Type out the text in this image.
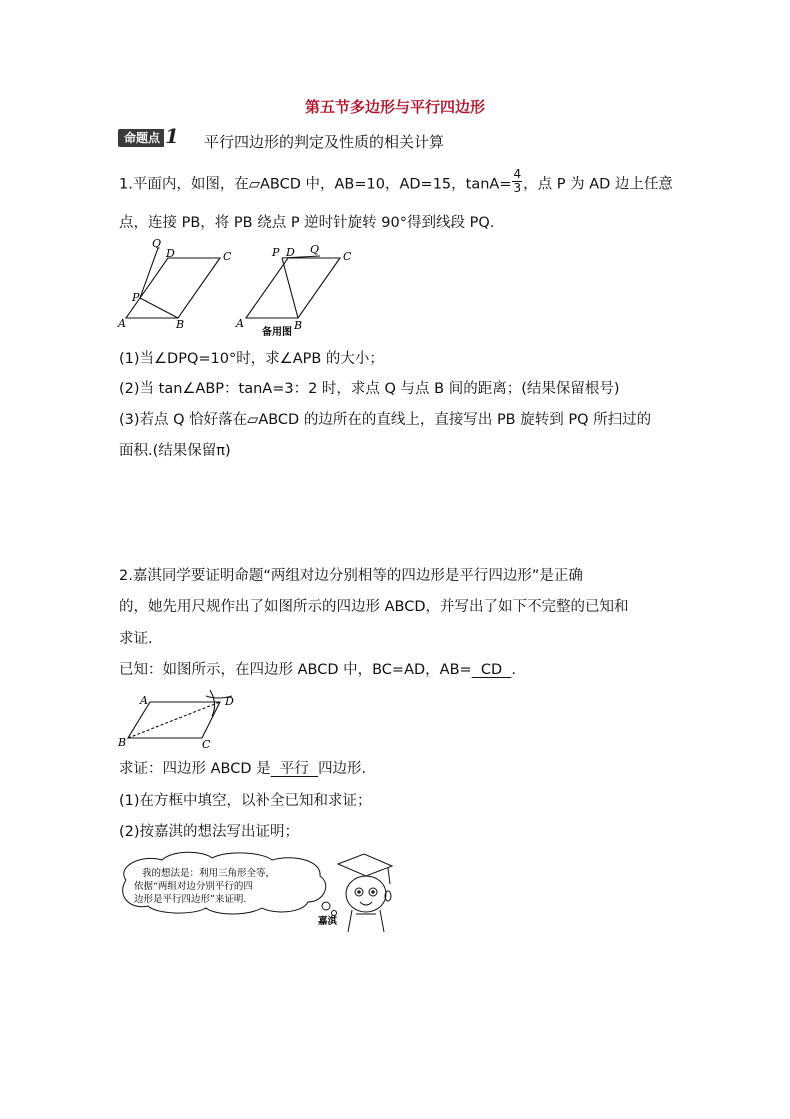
第五节多边形与平行四边形
命题点 1 平行四边形的判定及性质的相关计算
1.平面内，如图，在▱ABCD 中，AB=10，AD=15，$\tan A= \frac{4}{3}$ ，点 P 为 AD 边上任意
点，连接 PB，将 PB 绕点 P 逆时针旋转 90°得到线段 PQ.
Q
D	C
P
A	B
P D Q
C
A	B
备用图
(1)当∠DPQ=10°时，求∠APB 的大小；
(2)当 tan∠ABP：tanA=3：2 时，求点 Q 与点 B 间的距离；(结果保留根号)
(3)若点 Q 恰好落在▱ABCD 的边所在的直线上，直接写出 PB 旋转到 PQ 所扫过的
面积.(结果保留π)
2.嘉淇同学要证明命题“两组对边分别相等的四边形是平行四边形”是正确
的，她先用尺规作出了如图所示的四边形 ABCD，并写出了如下不完整的已知和
求证.
已知：如图所示，在四边形 ABCD 中，BC=AD，AB=  CD  .
A	D
B	C
求证：四边形 ABCD 是  平行  四边形.
(1)在方框中填空，以补全已知和求证；
(2)按嘉淇的想法写出证明；
我的想法是：利用三角形全等，
依据“两组对边分别平行的四
边形是平行四边形”来证明.
嘉淇
